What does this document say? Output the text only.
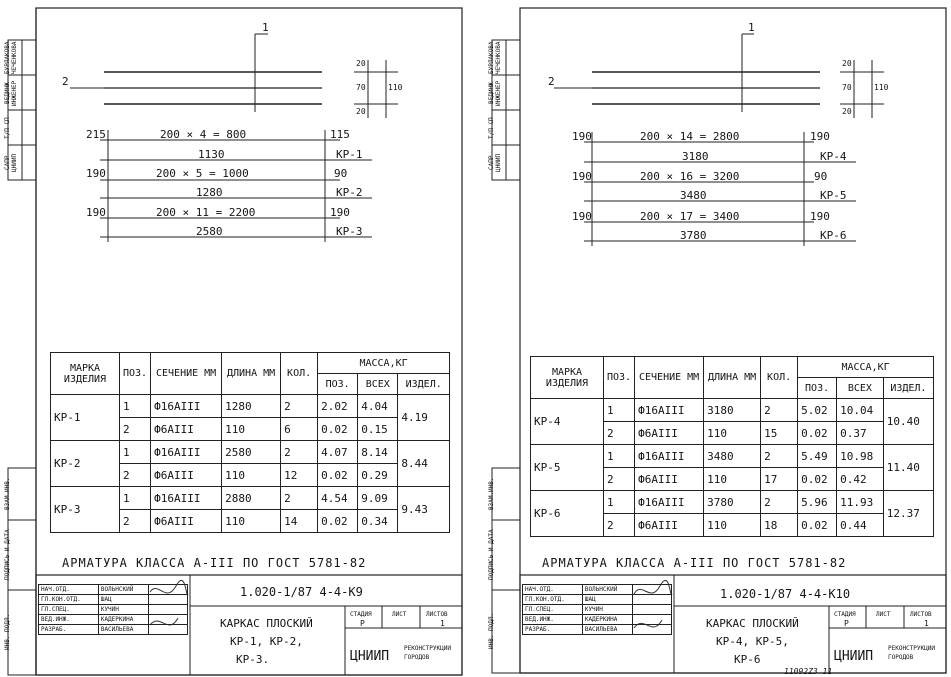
БУРЛАКОВА ЧЕЧЕНКОВА
ВЕДИНЖ ИНЖЕНЕР
Т/П СП
САПР ЦНИИП
ВЗАМ.ИНВ.
ПОДПИСЬ И ДАТА
ИНВ. ПОДЛ.
1
2
20
70
20
110
215	200 × 4 = 800	115
1130	КР-1
190	200 × 5 = 1000	90
1280	КР-2
190	200 × 11 = 2200	190
2580	КР-3
МАРКА ИЗДЕЛИЯ	ПОЗ.	СЕЧЕНИЕ ММ	ДЛИНА ММ	КОЛ.	МАССА,КГ		
					ПОЗ.	ВСЕХ	ИЗДЕЛ.
КР-1	1	Ф16АIII	1280	2	2.02	4.04	4.19
	2	Ф6АIII	110	6	0.02	0.15	
КР-2	1	Ф16АIII	2580	2	4.07	8.14	8.44
	2	Ф6АIII	110	12	0.02	0.29	
КР-3	1	Ф16АIII	2880	2	4.54	9.09	9.43
	2	Ф6АIII	110	14	0.02	0.34	
АРМАТУРА КЛАССА А-III ПО ГОСТ 5781-82
НАЧ.ОТД.	ВОЛЬНСКИЙ	
ГЛ.КОН.ОТД.	ШАЦ	
ГЛ.СПЕЦ.	КУЧИН	
ВЕД.ИНЖ.	КАДЕРКИНА	
РАЗРАБ.	ВАСИЛЬЕВА	
1.020-1/87 4-4-К9
КАРКАС ПЛОСКИЙ
КР-1, КР-2,
КР-3.
СТАДИЯ	ЛИСТ	ЛИСТОВ
Р	1
ЦНИИП
РЕКОНСТРУКЦИИ ГОРОДОВ
БУРЛАКОВА ЧЕЧЕНКОВА
ВЕДИНЖ ИНЖЕНЕР
Т/П СП
САПР ЦНИИП
ВЗАМ.ИНВ.
ПОДПИСЬ И ДАТА
ИНВ. ПОДЛ.
1
2
20
70
20
110
190	200 × 14 = 2800	190
3180	КР-4
190	200 × 16 = 3200	90
3480	КР-5
190	200 × 17 = 3400	190
3780	КР-6
МАРКА ИЗДЕЛИЯ	ПОЗ.	СЕЧЕНИЕ ММ	ДЛИНА ММ	КОЛ.	МАССА,КГ		
					ПОЗ.	ВСЕХ	ИЗДЕЛ.
КР-4	1	Ф16АIII	3180	2	5.02	10.04	10.40
	2	Ф6АIII	110	15	0.02	0.37	
КР-5	1	Ф16АIII	3480	2	5.49	10.98	11.40
	2	Ф6АIII	110	17	0.02	0.42	
КР-6	1	Ф16АIII	3780	2	5.96	11.93	12.37
	2	Ф6АIII	110	18	0.02	0.44	
АРМАТУРА КЛАССА А-III ПО ГОСТ 5781-82
НАЧ.ОТД.	ВОЛЬНСКИЙ	
ГЛ.КОН.ОТД.	ШАЦ	
ГЛ.СПЕЦ.	КУЧИН	
ВЕД.ИНЖ.	КАДЕРКИНА	
РАЗРАБ.	ВАСИЛЬЕВА	
1.020-1/87 4-4-К10
КАРКАС ПЛОСКИЙ
КР-4, КР-5,
КР-6
СТАДИЯ	ЛИСТ	ЛИСТОВ
Р	1
ЦНИИП
РЕКОНСТРУКЦИИ ГОРОДОВ
11092Z3 11
